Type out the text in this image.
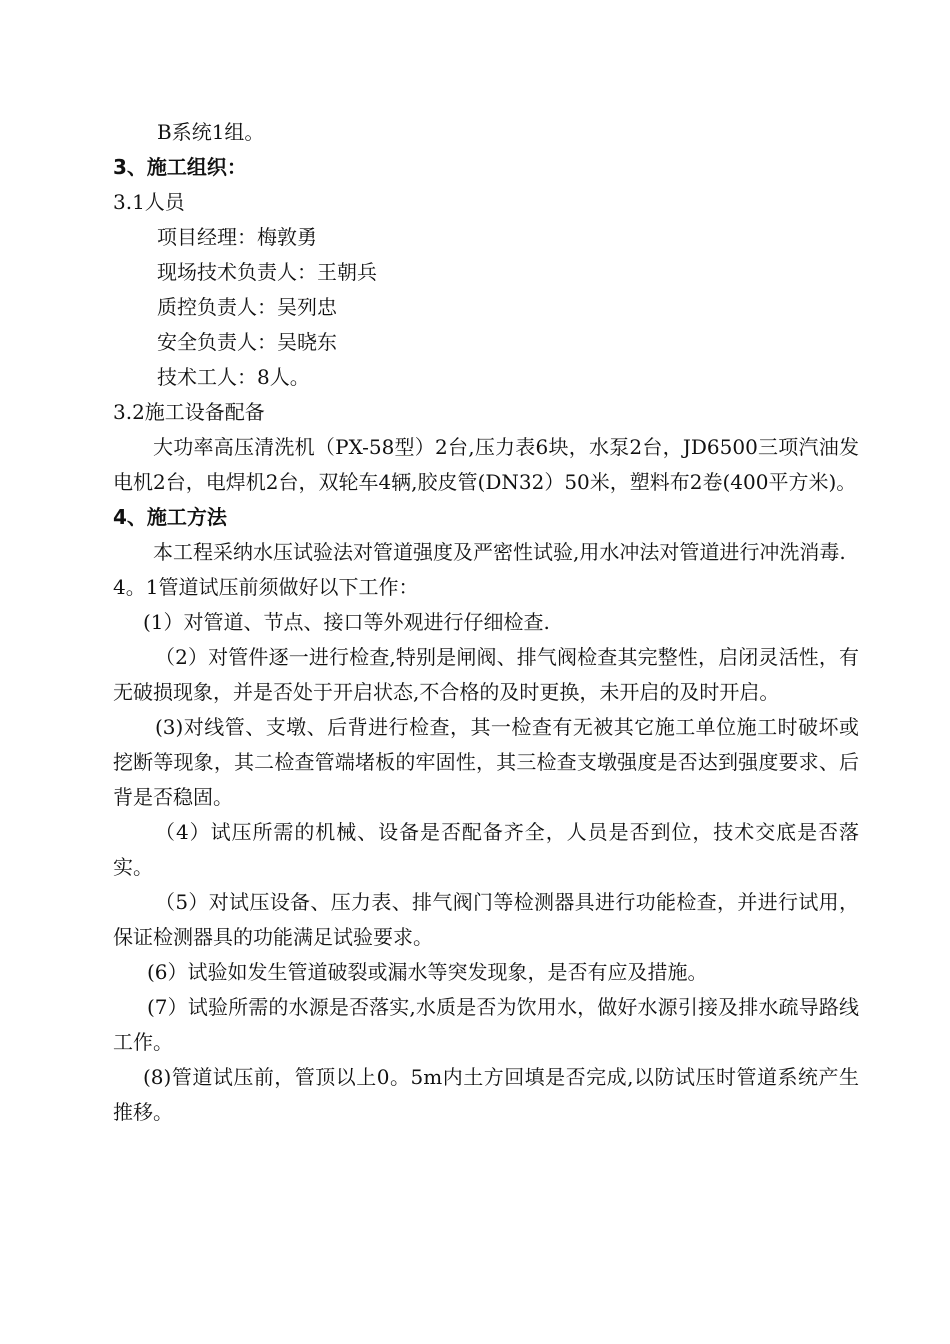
B系统1组。

3、施工组织：

3.1人员

项目经理：梅敦勇

现场技术负责人：王朝兵

质控负责人：吴列忠

安全负责人：吴晓东

技术工人：8人。

3.2施工设备配备

大功率高压清洗机（PX-58型）2台,压力表6块，水泵2台，JD6500三项汽油发电机2台，电焊机2台，双轮车4辆,胶皮管(DN32）50米，塑料布2卷(400平方米)。

4、施工方法

本工程采纳水压试验法对管道强度及严密性试验,用水冲法对管道进行冲洗消毒.

4。1管道试压前须做好以下工作：

(1）对管道、节点、接口等外观进行仔细检查.

（2）对管件逐一进行检查,特别是闸阀、排气阀检查其完整性，启闭灵活性，有无破损现象，并是否处于开启状态,不合格的及时更换，未开启的及时开启。

(3)对线管、支墩、后背进行检查，其一检查有无被其它施工单位施工时破坏或挖断等现象，其二检查管端堵板的牢固性，其三检查支墩强度是否达到强度要求、后背是否稳固。

（4）试压所需的机械、设备是否配备齐全，人员是否到位，技术交底是否落实。

（5）对试压设备、压力表、排气阀门等检测器具进行功能检查，并进行试用，保证检测器具的功能满足试验要求。

(6）试验如发生管道破裂或漏水等突发现象，是否有应及措施。

(7）试验所需的水源是否落实,水质是否为饮用水，做好水源引接及排水疏导路线工作。

(8)管道试压前，管顶以上0。5m内土方回填是否完成,以防试压时管道系统产生推移。
